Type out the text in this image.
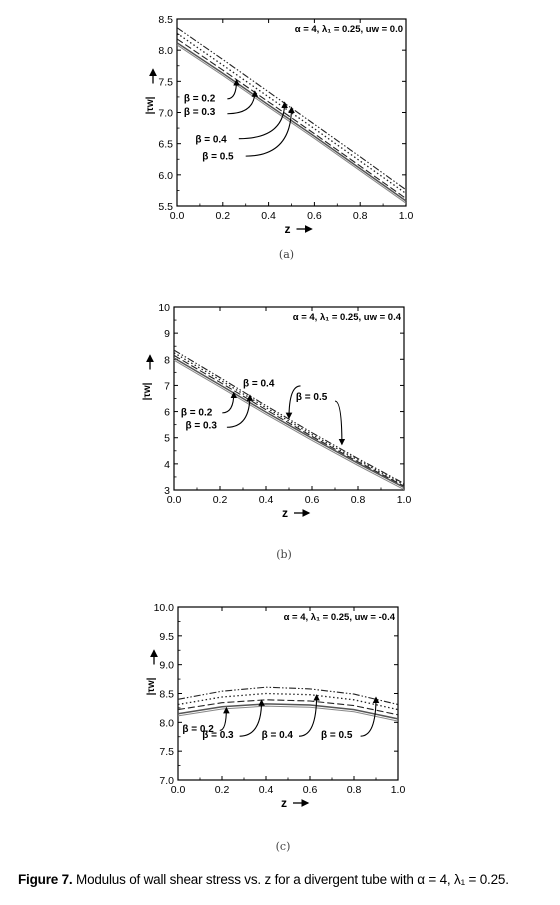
5.5
6.0
6.5
7.0
7.5
8.0
8.5
0.0	0.2	0.4	0.6	0.8	1.0
β = 0.2
β = 0.3
β = 0.4
β = 0.5
α = 4, λ₁ = 0.25, uw = 0.0
z
|τw|
(a)
3
4
5
6
7
8
9
10
0.0	0.2	0.4	0.6	0.8	1.0
β = 0.2
β = 0.3
β = 0.4
β = 0.5
α = 4, λ₁ = 0.25, uw = 0.4
z
|τw|
(b)
7.0
7.5
8.0
8.5
9.0
9.5
10.0
0.0	0.2	0.4	0.6	0.8	1.0
β = 0.2
β = 0.3	β = 0.4	β = 0.5
α = 4, λ₁ = 0.25, uw = -0.4
z
|τw|
(c)
Figure 7. Modulus of wall shear stress vs. z for a divergent tube with α = 4, λ₁ = 0.25.
